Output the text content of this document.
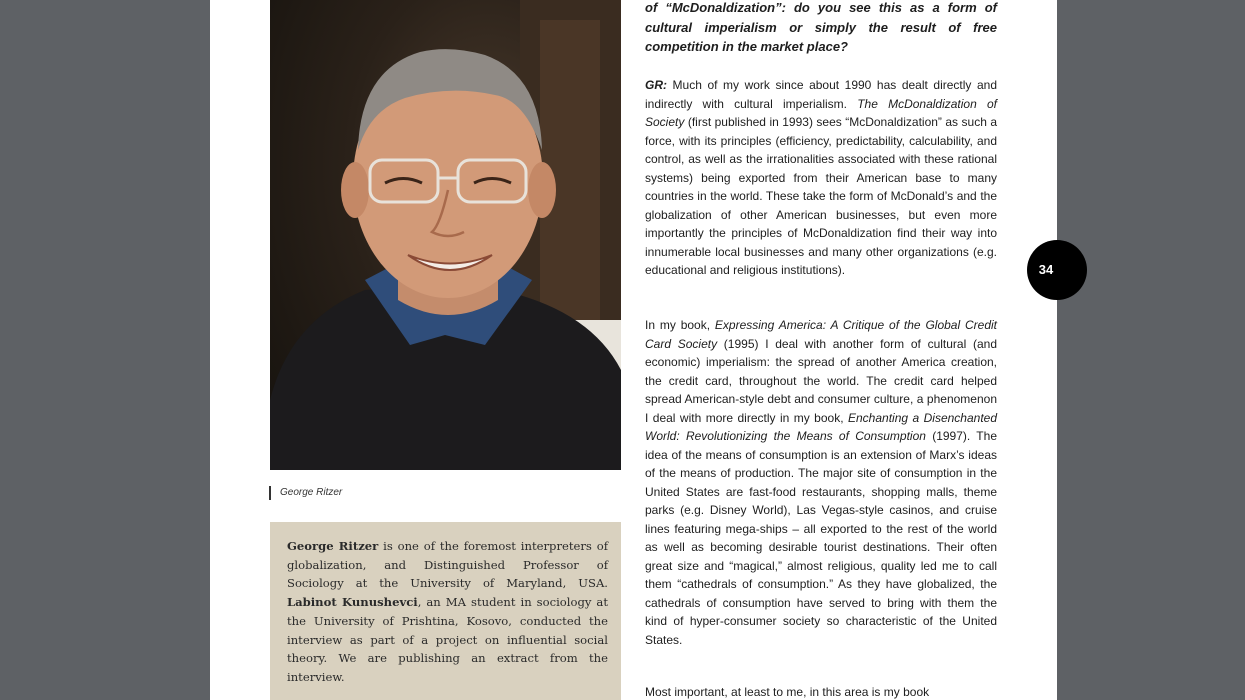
George Ritzer

George Ritzer is one of the foremost interpreters of globalization, and Distinguished Professor of Sociology at the University of Maryland, USA. Labinot Kunushevci, an MA student in sociology at the University of Prishtina, Kosovo, conducted the interview as part of a project on influential social theory. We are publishing an extract from the interview.

of “McDonaldization”: do you see this as a form of cultural imperialism or simply the result of free competition in the market place?

GR: Much of my work since about 1990 has dealt directly and indirectly with cultural imperialism. The McDonaldization of Society (first published in 1993) sees “McDonaldization” as such a force, with its principles (efficiency, predictability, calculability, and control, as well as the irrationalities associated with these rational systems) being exported from their American base to many countries in the world. These take the form of McDonald’s and the globalization of other American businesses, but even more importantly the principles of McDonaldization find their way into innumerable local businesses and many other organizations (e.g. educational and religious institutions).

In my book, Expressing America: A Critique of the Global Credit Card Society (1995) I deal with another form of cultural (and economic) imperialism: the spread of another America creation, the credit card, throughout the world. The credit card helped spread American-style debt and consumer culture, a phenomenon I deal with more directly in my book, Enchanting a Disenchanted World: Revolutionizing the Means of Consumption (1997). The idea of the means of consumption is an extension of Marx’s ideas of the means of production. The major site of consumption in the United States are fast-food restaurants, shopping malls, theme parks (e.g. Disney World), Las Vegas-style casinos, and cruise lines featuring mega-ships – all exported to the rest of the world as well as becoming desirable tourist destinations. Their often great size and “magical,” almost religious, quality led me to call them “cathedrals of consumption.” As they have globalized, the cathedrals of consumption have served to bring with them the kind of hyper-consumer society so characteristic of the United States.

Most important, at least to me, in this area is my book

34
